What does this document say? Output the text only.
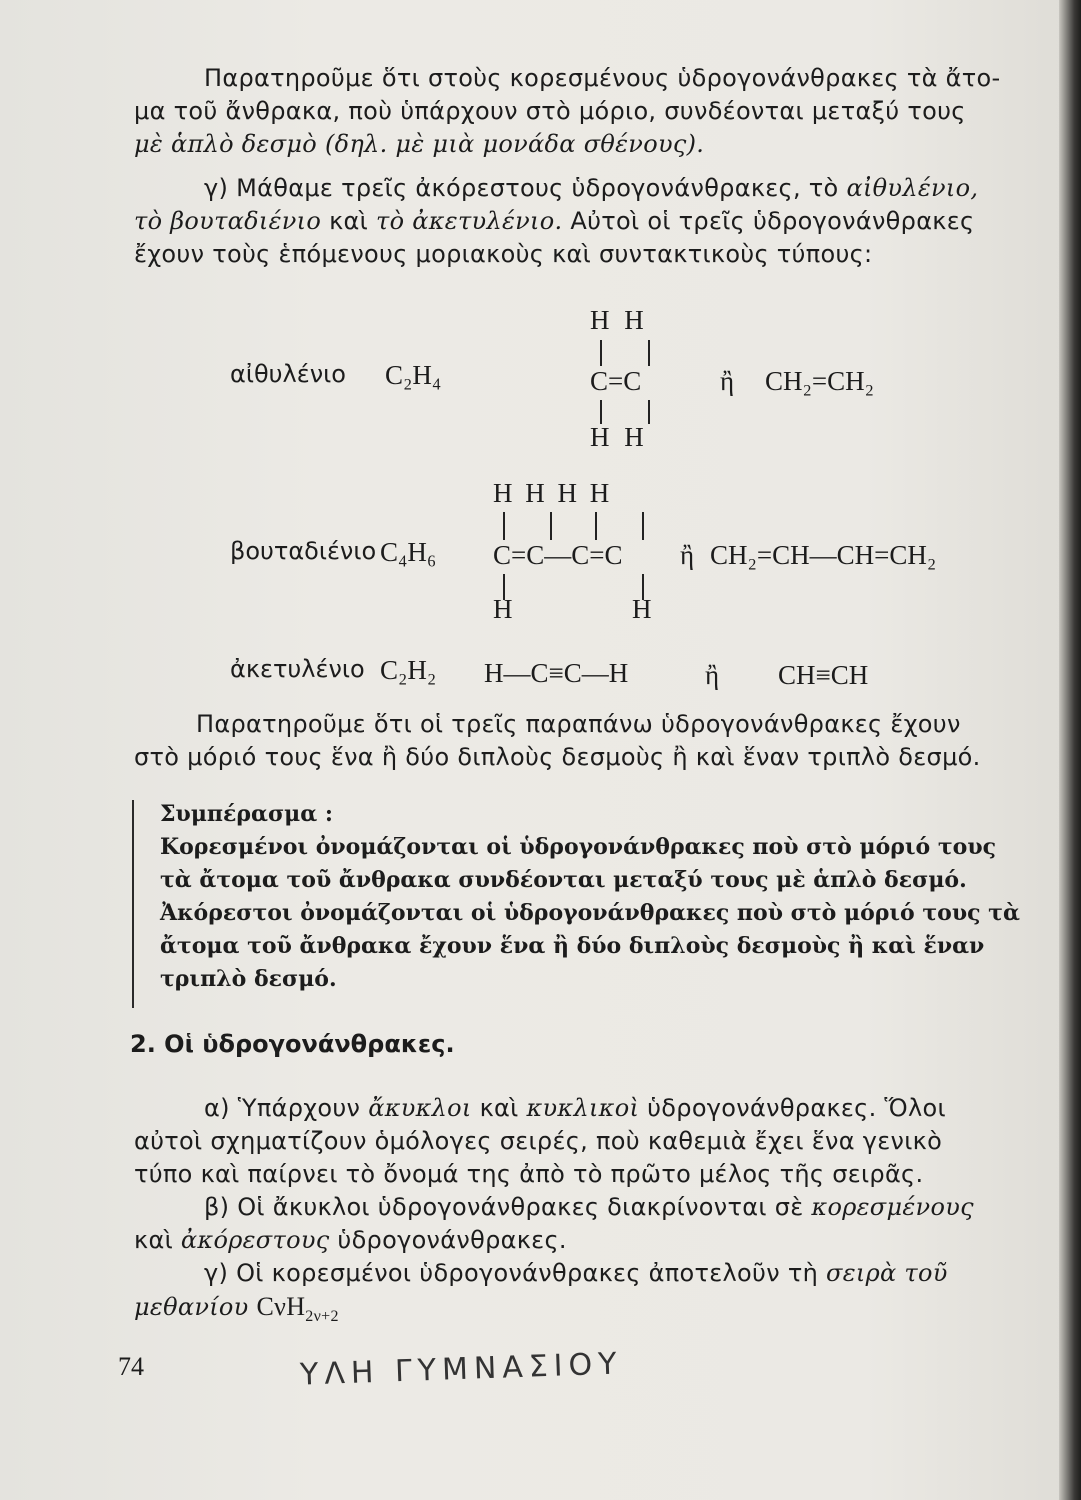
Παρατηροῦμε ὅτι στοὺς κορεσμένους ὑδρογονάνθρακες τὰ ἄτο-
μα τοῦ ἄνθρακα, ποὺ ὑπάρχουν στὸ μόριο, συνδέονται μεταξύ τους
μὲ ἁπλὸ δεσμὸ (δηλ. μὲ μιὰ μονάδα σθένους).
γ) Μάθαμε τρεῖς ἀκόρεστους ὑδρογονάνθρακες, τὸ αἰθυλένιο,
τὸ βουταδιένιο καὶ τὸ ἀκετυλένιο. Αὐτοὶ οἱ τρεῖς ὑδρογονάνθρακες
ἔχουν τοὺς ἑπόμενους μοριακοὺς καὶ συντακτικοὺς τύπους:
H H
αἰθυλένιο C₂H₄	C=C	ἢ CH₂=CH₂
H H
H H H H
βουταδιένιο C₄H₆ C=C—C=C ἢ CH₂=CH—CH=CH₂
H	H
ἀκετυλένιο C₂H₂ H—C≡C—H	ἢ CH≡CH
Παρατηροῦμε ὅτι οἱ τρεῖς παραπάνω ὑδρογονάνθρακες ἔχουν
στὸ μόριό τους ἕνα ἢ δύο διπλοὺς δεσμοὺς ἢ καὶ ἕναν τριπλὸ δεσμό.
Συμπέρασμα :
Κορεσμένοι ὀνομάζονται οἱ ὑδρογονάνθρακες ποὺ στὸ μόριό τους
τὰ ἄτομα τοῦ ἄνθρακα συνδέονται μεταξύ τους μὲ ἁπλὸ δεσμό.
Ἀκόρεστοι ὀνομάζονται οἱ ὑδρογονάνθρακες ποὺ στὸ μόριό τους τὰ
ἄτομα τοῦ ἄνθρακα ἔχουν ἕνα ἢ δύο διπλοὺς δεσμοὺς ἢ καὶ ἕναν
τριπλὸ δεσμό.
2. Οἱ ὑδρογονάνθρακες.
α) Ὑπάρχουν ἄκυκλοι καὶ κυκλικοὶ ὑδρογονάνθρακες. Ὅλοι
αὐτοὶ σχηματίζουν ὁμόλογες σειρές, ποὺ καθεμιὰ ἔχει ἕνα γενικὸ
τύπο καὶ παίρνει τὸ ὄνομά της ἀπὸ τὸ πρῶτο μέλος τῆς σειρᾶς.
β) Οἱ ἄκυκλοι ὑδρογονάνθρακες διακρίνονται σὲ κορεσμένους
καὶ ἀκόρεστους ὑδρογονάνθρακες.
γ) Οἱ κορεσμένοι ὑδρογονάνθρακες ἀποτελοῦν τὴ σειρὰ τοῦ
μεθανίου CνH$_{2\nu+2}$
74	ΥΛΗ ΓΥΜΝΑΣΙΟΥ
